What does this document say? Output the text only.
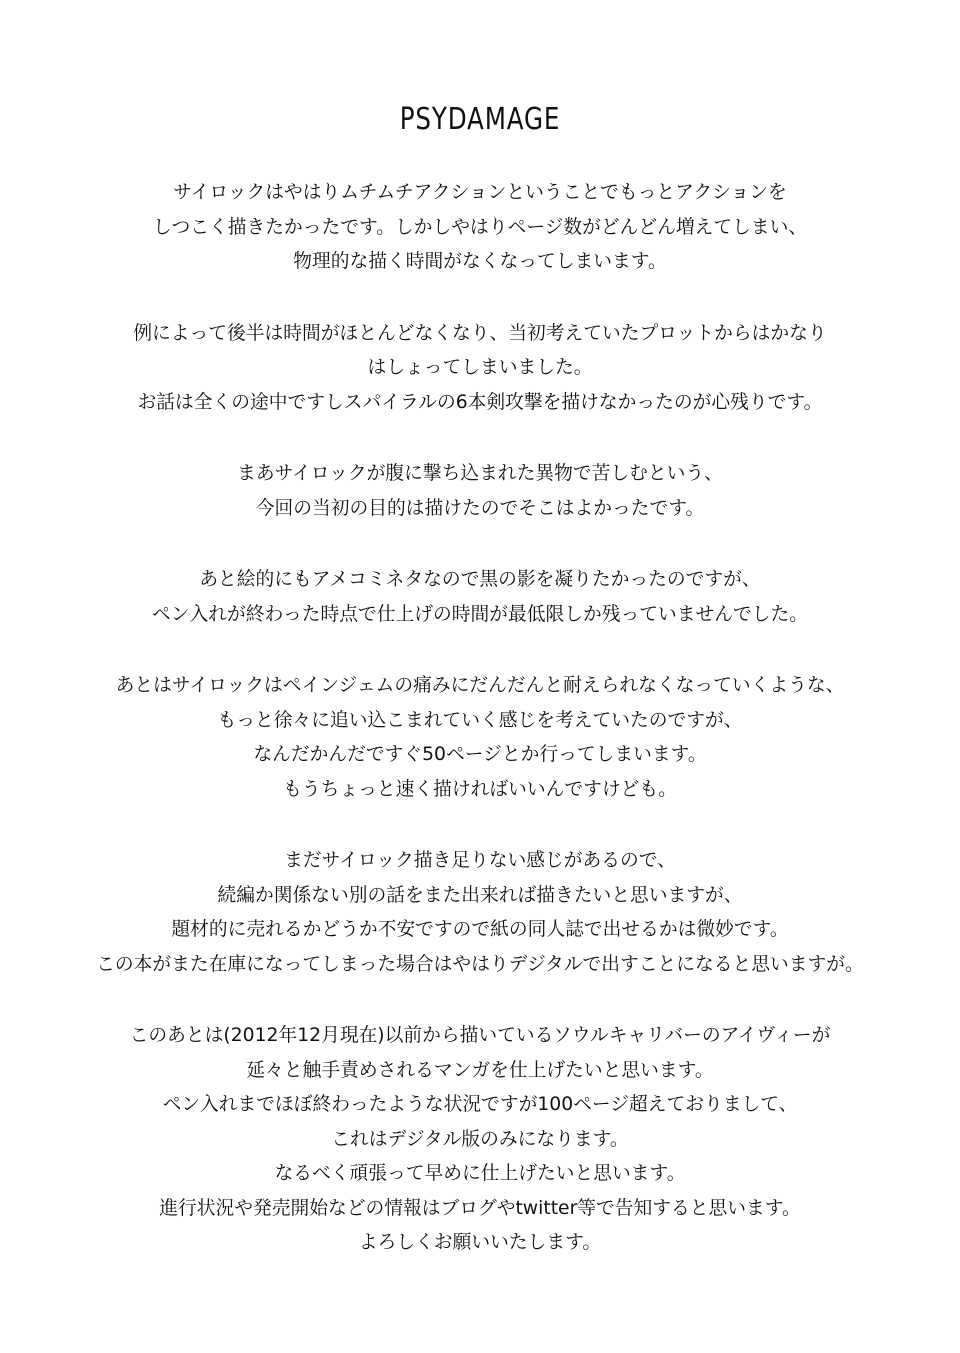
PSYDAMAGE
サイロックはやはりムチムチアクションということでもっとアクションを
しつこく描きたかったです。しかしやはりページ数がどんどん増えてしまい、
物理的な描く時間がなくなってしまいます。
例によって後半は時間がほとんどなくなり、当初考えていたプロットからはかなり
はしょってしまいました。
お話は全くの途中ですしスパイラルの6本剣攻撃を描けなかったのが心残りです。
まあサイロックが腹に撃ち込まれた異物で苦しむという、
今回の当初の目的は描けたのでそこはよかったです。
あと絵的にもアメコミネタなので黒の影を凝りたかったのですが、
ペン入れが終わった時点で仕上げの時間が最低限しか残っていませんでした。
あとはサイロックはペインジェムの痛みにだんだんと耐えられなくなっていくような、
もっと徐々に追い込こまれていく感じを考えていたのですが、
なんだかんだですぐ50ページとか行ってしまいます。
もうちょっと速く描ければいいんですけども。
まだサイロック描き足りない感じがあるので、
続編か関係ない別の話をまた出来れば描きたいと思いますが、
題材的に売れるかどうか不安ですので紙の同人誌で出せるかは微妙です。
この本がまた在庫になってしまった場合はやはりデジタルで出すことになると思いますが。
このあとは(2012年12月現在)以前から描いているソウルキャリバーのアイヴィーが
延々と触手責めされるマンガを仕上げたいと思います。
ペン入れまでほぼ終わったような状況ですが100ページ超えておりまして、
これはデジタル版のみになります。
なるべく頑張って早めに仕上げたいと思います。
進行状況や発売開始などの情報はブログやtwitter等で告知すると思います。
よろしくお願いいたします。
